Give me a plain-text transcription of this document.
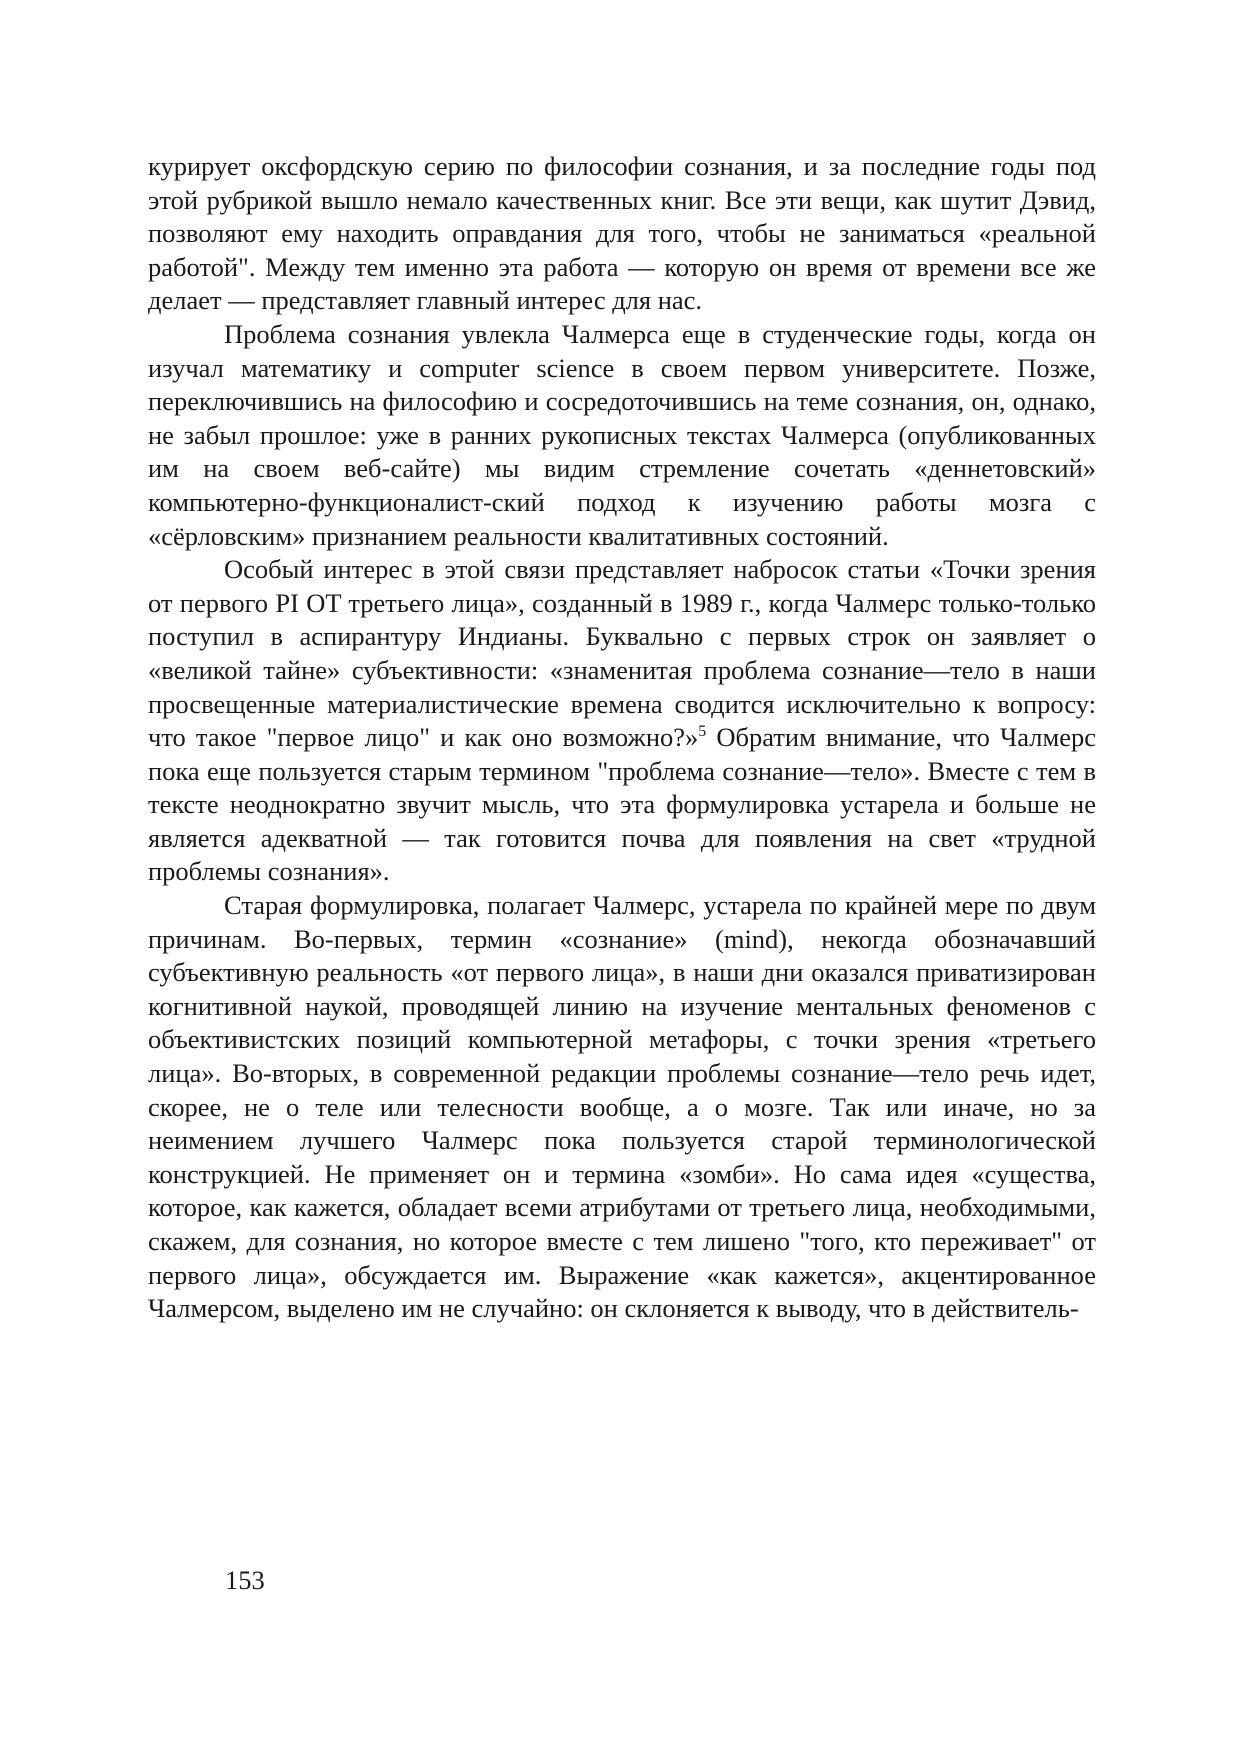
курирует оксфордскую серию по философии сознания, и за последние годы под этой рубрикой вышло немало качественных книг. Все эти вещи, как шутит Дэвид, позволяют ему находить оправдания для того, чтобы не заниматься «реальной работой". Между тем именно эта работа — которую он время от времени все же делает — представляет главный интерес для нас.

Проблема сознания увлекла Чалмерса еще в студенческие годы, когда он изучал математику и computer science в своем первом университете. Позже, переключившись на философию и сосредоточившись на теме сознания, он, однако, не забыл прошлое: уже в ранних рукописных текстах Чалмерса (опубликованных им на своем веб-сайте) мы видим стремление сочетать «деннетовский» компьютерно-функционалист-ский подход к изучению работы мозга с «сёрловским» признанием реальности квалитативных состояний.

Особый интерес в этой связи представляет набросок статьи «Точки зрения от первого PI OT третьего лица», созданный в 1989 г., когда Чалмерс только-только поступил в аспирантуру Индианы. Буквально с первых строк он заявляет о «великой тайне» субъективности: «знаменитая проблема сознание—тело в наши просвещенные материалистические времена сводится исключительно к вопросу: что такое "первое лицо" и как оно возможно?»$^5$ Обратим внимание, что Чалмерс пока еще пользуется старым термином "проблема сознание—тело». Вместе с тем в тексте неоднократно звучит мысль, что эта формулировка устарела и больше не является адекватной — так готовится почва для появления на свет «трудной проблемы сознания».

Старая формулировка, полагает Чалмерс, устарела по крайней мере по двум причинам. Во-первых, термин «сознание» (mind), некогда обозначавший субъективную реальность «от первого лица», в наши дни оказался приватизирован когнитивной наукой, проводящей линию на изучение ментальных феноменов с объективистских позиций компьютерной метафоры, с точки зрения «третьего лица». Во-вторых, в современной редакции проблемы сознание—тело речь идет, скорее, не о теле или телесности вообще, а о мозге. Так или иначе, но за неимением лучшего Чалмерс пока пользуется старой терминологической конструкцией. Не применяет он и термина «зомби». Но сама идея «существа, которое, как кажется, обладает всеми атрибутами от третьего лица, необходимыми, скажем, для сознания, но которое вместе с тем лишено "того, кто переживает" от первого лица», обсуждается им. Выражение «как кажется», акцентированное Чалмерсом, выделено им не случайно: он склоняется к выводу, что в действитель-

153
